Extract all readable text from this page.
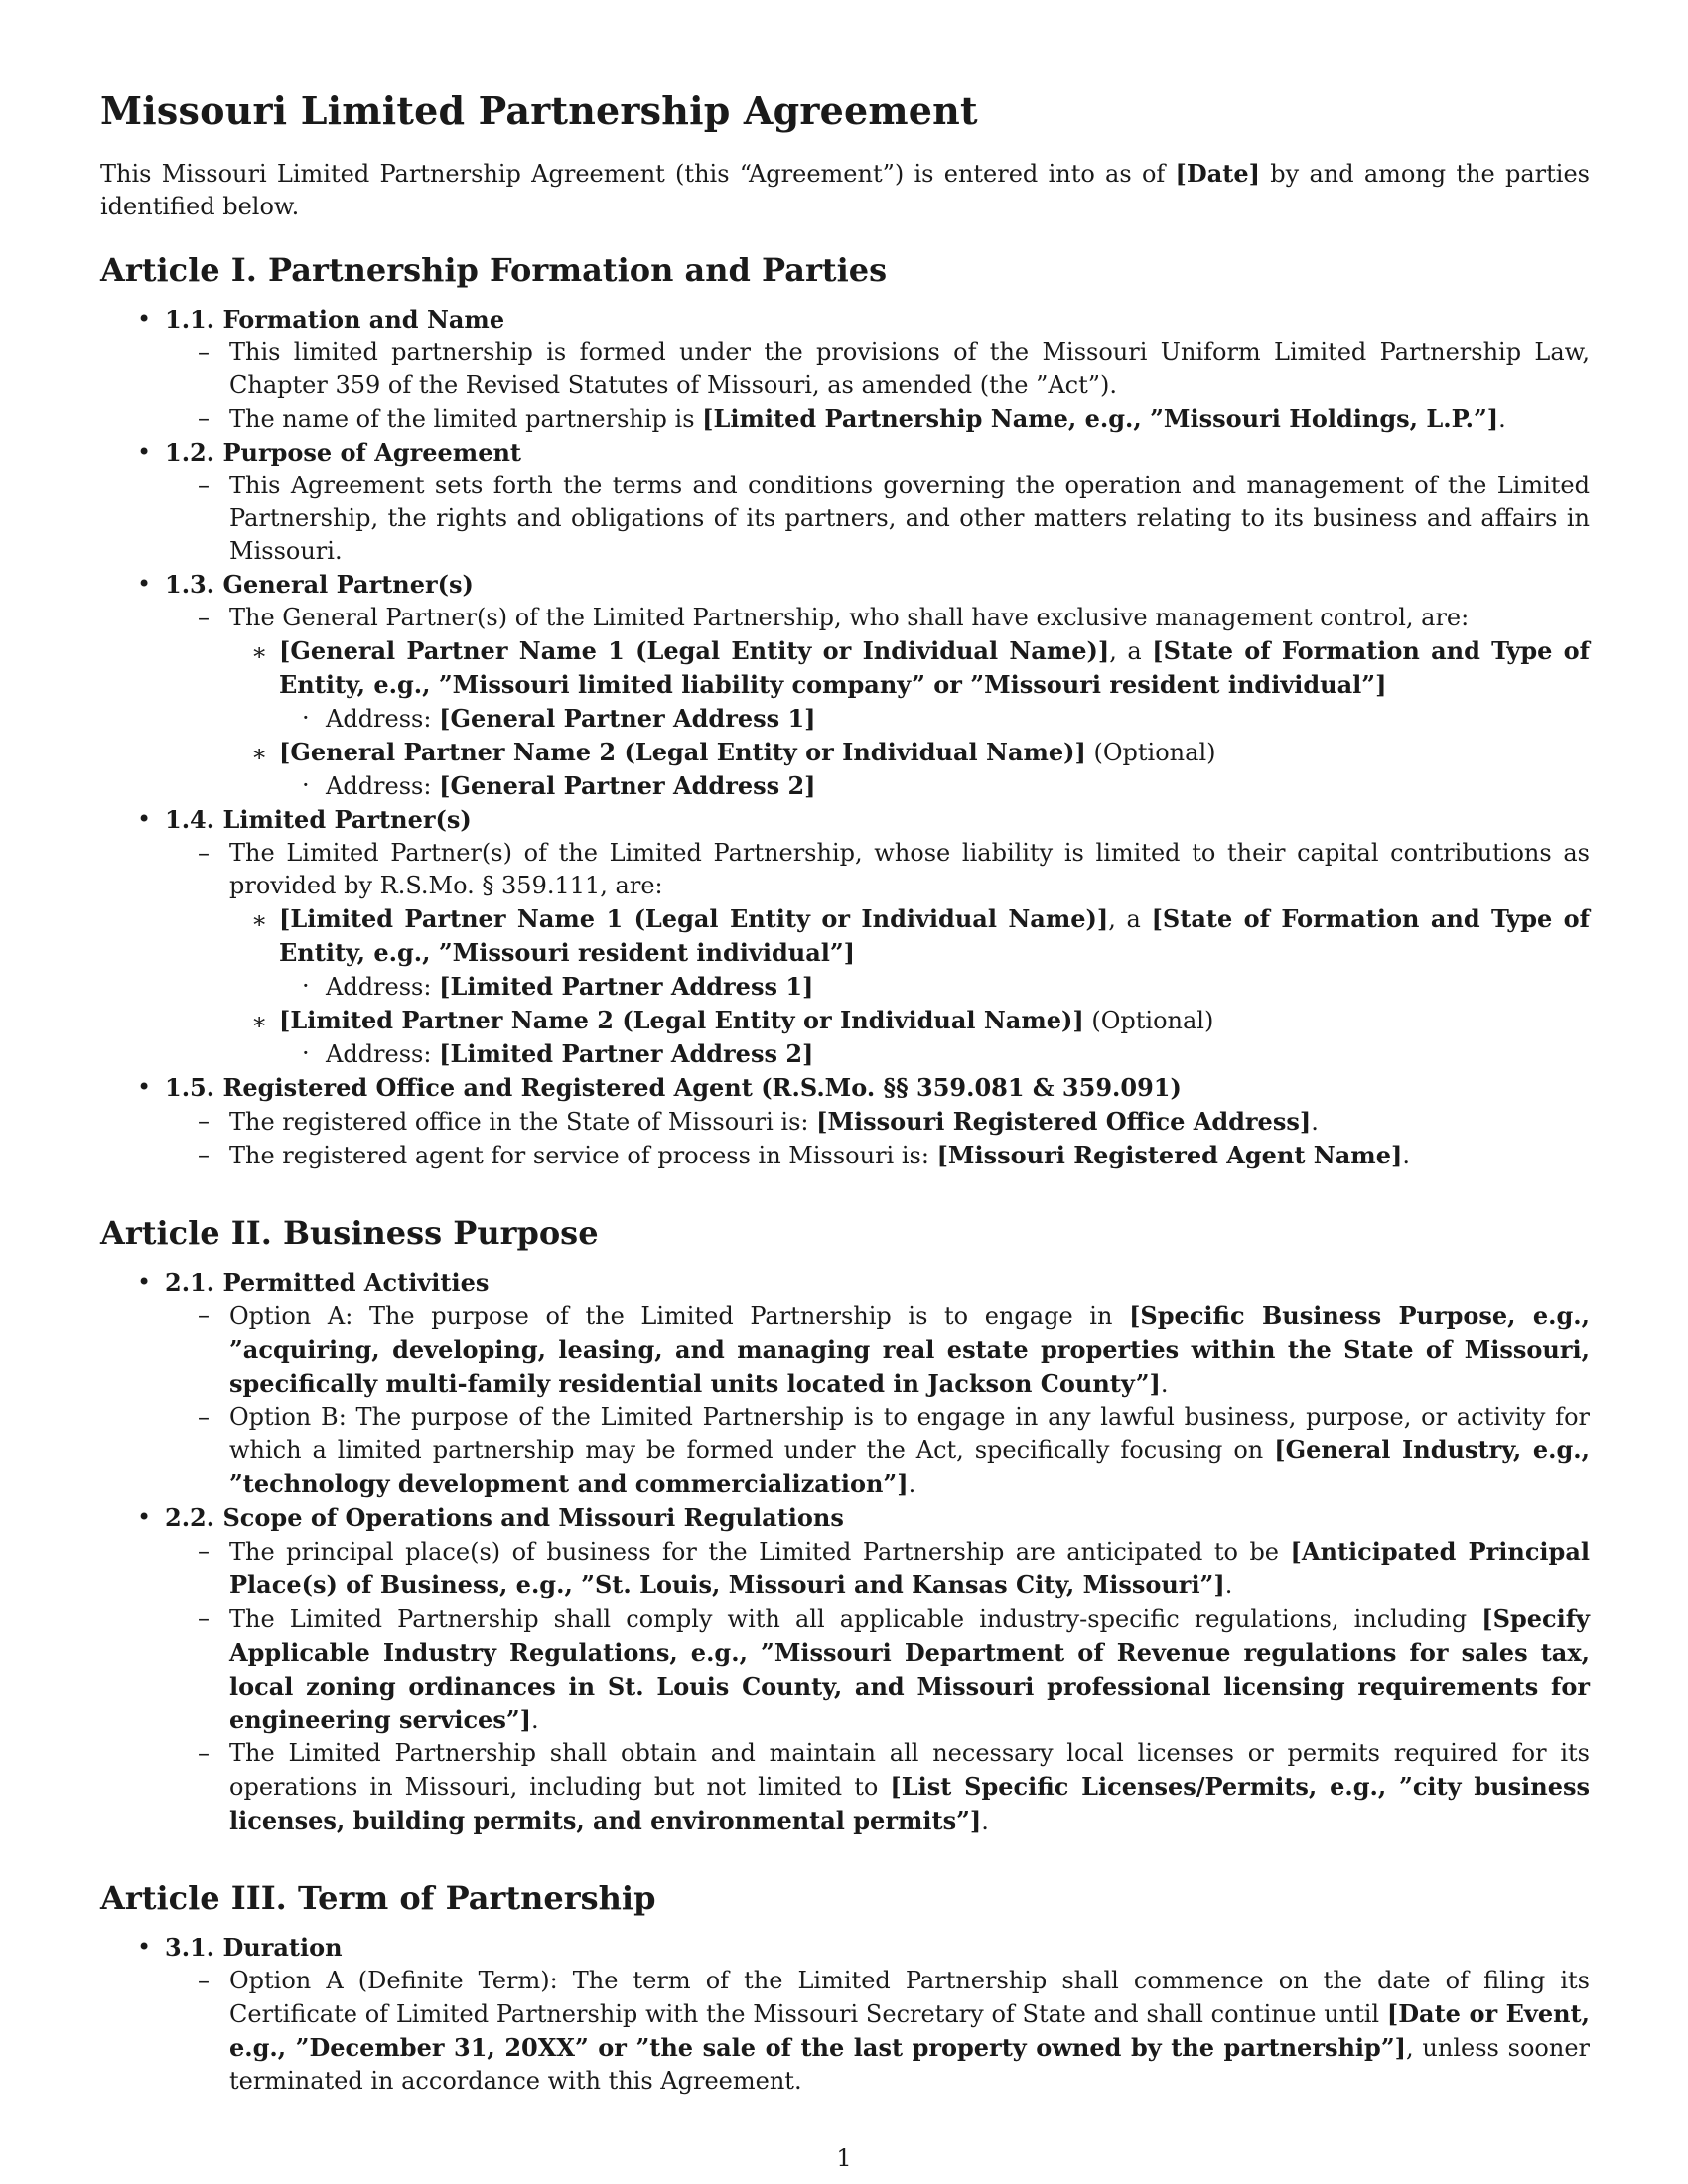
Missouri Limited Partnership Agreement

This Missouri Limited Partnership Agreement (this “Agreement”) is entered into as of [Date] by and among the parties identified below.

Article I. Partnership Formation and Parties
• 1.1. Formation and Name
– This limited partnership is formed under the provisions of the Missouri Uniform Limited Partnership Law, Chapter 359 of the Revised Statutes of Missouri, as amended (the ”Act”).
– The name of the limited partnership is [Limited Partnership Name, e.g., ”Missouri Holdings, L.P.”].
• 1.2. Purpose of Agreement
– This Agreement sets forth the terms and conditions governing the operation and management of the Limited Partnership, the rights and obligations of its partners, and other matters relating to its business and affairs in Missouri.
• 1.3. General Partner(s)
– The General Partner(s) of the Limited Partnership, who shall have exclusive management control, are:
∗ [General Partner Name 1 (Legal Entity or Individual Name)], a [State of Formation and Type of Entity, e.g., ”Missouri limited liability company” or ”Missouri resident individual”]
· Address: [General Partner Address 1]
∗ [General Partner Name 2 (Legal Entity or Individual Name)] (Optional)
· Address: [General Partner Address 2]
• 1.4. Limited Partner(s)
– The Limited Partner(s) of the Limited Partnership, whose liability is limited to their capital contributions as provided by R.S.Mo. § 359.111, are:
∗ [Limited Partner Name 1 (Legal Entity or Individual Name)], a [State of Formation and Type of Entity, e.g., ”Missouri resident individual”]
· Address: [Limited Partner Address 1]
∗ [Limited Partner Name 2 (Legal Entity or Individual Name)] (Optional)
· Address: [Limited Partner Address 2]
• 1.5. Registered Office and Registered Agent (R.S.Mo. §§ 359.081 & 359.091)
– The registered office in the State of Missouri is: [Missouri Registered Office Address].
– The registered agent for service of process in Missouri is: [Missouri Registered Agent Name].
Article II. Business Purpose
• 2.1. Permitted Activities
– Option A: The purpose of the Limited Partnership is to engage in [Specific Business Purpose, e.g., ”acquiring, developing, leasing, and managing real estate properties within the State of Missouri, specifically multi-family residential units located in Jackson County”].
– Option B: The purpose of the Limited Partnership is to engage in any lawful business, purpose, or activity for which a limited partnership may be formed under the Act, specifically focusing on [General Industry, e.g., ”technology development and commercialization”].
• 2.2. Scope of Operations and Missouri Regulations
– The principal place(s) of business for the Limited Partnership are anticipated to be [Anticipated Principal Place(s) of Business, e.g., ”St. Louis, Missouri and Kansas City, Missouri”].
– The Limited Partnership shall comply with all applicable industry-specific regulations, including [Specify Applicable Industry Regulations, e.g., ”Missouri Department of Revenue regulations for sales tax, local zoning ordinances in St. Louis County, and Missouri professional licensing requirements for engineering services”].
– The Limited Partnership shall obtain and maintain all necessary local licenses or permits required for its operations in Missouri, including but not limited to [List Specific Licenses/Permits, e.g., ”city business licenses, building permits, and environmental permits”].
Article III. Term of Partnership
• 3.1. Duration
– Option A (Definite Term): The term of the Limited Partnership shall commence on the date of filing its Certificate of Limited Partnership with the Missouri Secretary of State and shall continue until [Date or Event, e.g., ”December 31, 20XX” or ”the sale of the last property owned by the partnership”], unless sooner terminated in accordance with this Agreement.
1
